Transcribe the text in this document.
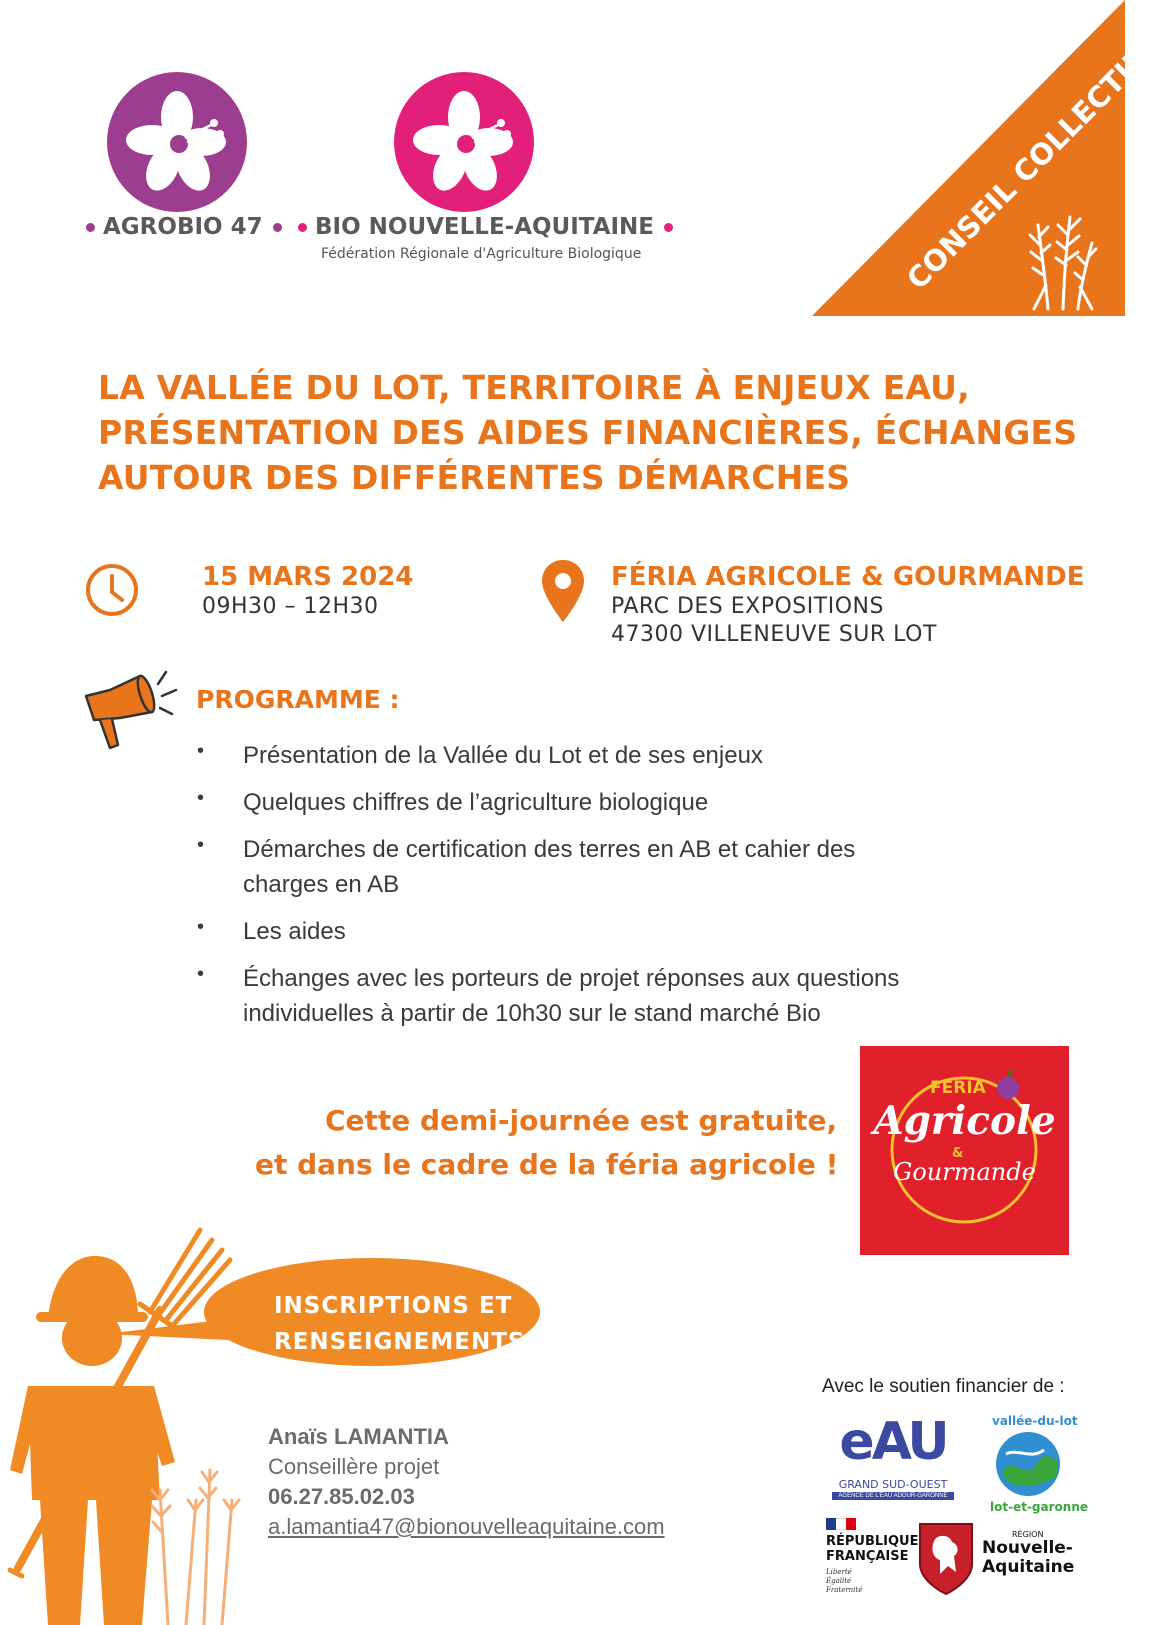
AGROBIO 47	BIO NOUVELLE-AQUITAINE
Fédération Régionale d'Agriculture Biologique	CONSEIL COLLECTIF
LA VALLÉE DU LOT, TERRITOIRE À ENJEUX EAU,
PRÉSENTATION DES AIDES FINANCIÈRES, ÉCHANGES
AUTOUR DES DIFFÉRENTES DÉMARCHES
15 MARS 2024
09H30 – 12H30
FÉRIA AGRICOLE & GOURMANDE
PARC DES EXPOSITIONS
47300 VILLENEUVE SUR LOT
PROGRAMME :
• Présentation de la Vallée du Lot et de ses enjeux
• Quelques chiffres de l’agriculture biologique
• Démarches de certification des terres en AB et cahier des
charges en AB
• Les aides
• Échanges avec les porteurs de projet réponses aux questions
individuelles à partir de 10h30 sur le stand marché Bio
Cette demi-journée est gratuite,
et dans le cadre de la féria agricole !
FERIA
Agricole
&
Gourmande
INSCRIPTIONS ET
RENSEIGNEMENTS
Anaïs LAMANTIA
Conseillère projet
06.27.85.02.03
a.lamantia47@bionouvelleaquitaine.com
Avec le soutien financier de :
eAU
GRAND SUD-OUEST
AGENCE DE L'EAU ADOUR-GARONNE
vallée-du-lot
lot-et-garonne
RÉPUBLIQUE
FRANÇAISE
Liberté
Égalité
Fraternité
RÉGION
Nouvelle-
Aquitaine
